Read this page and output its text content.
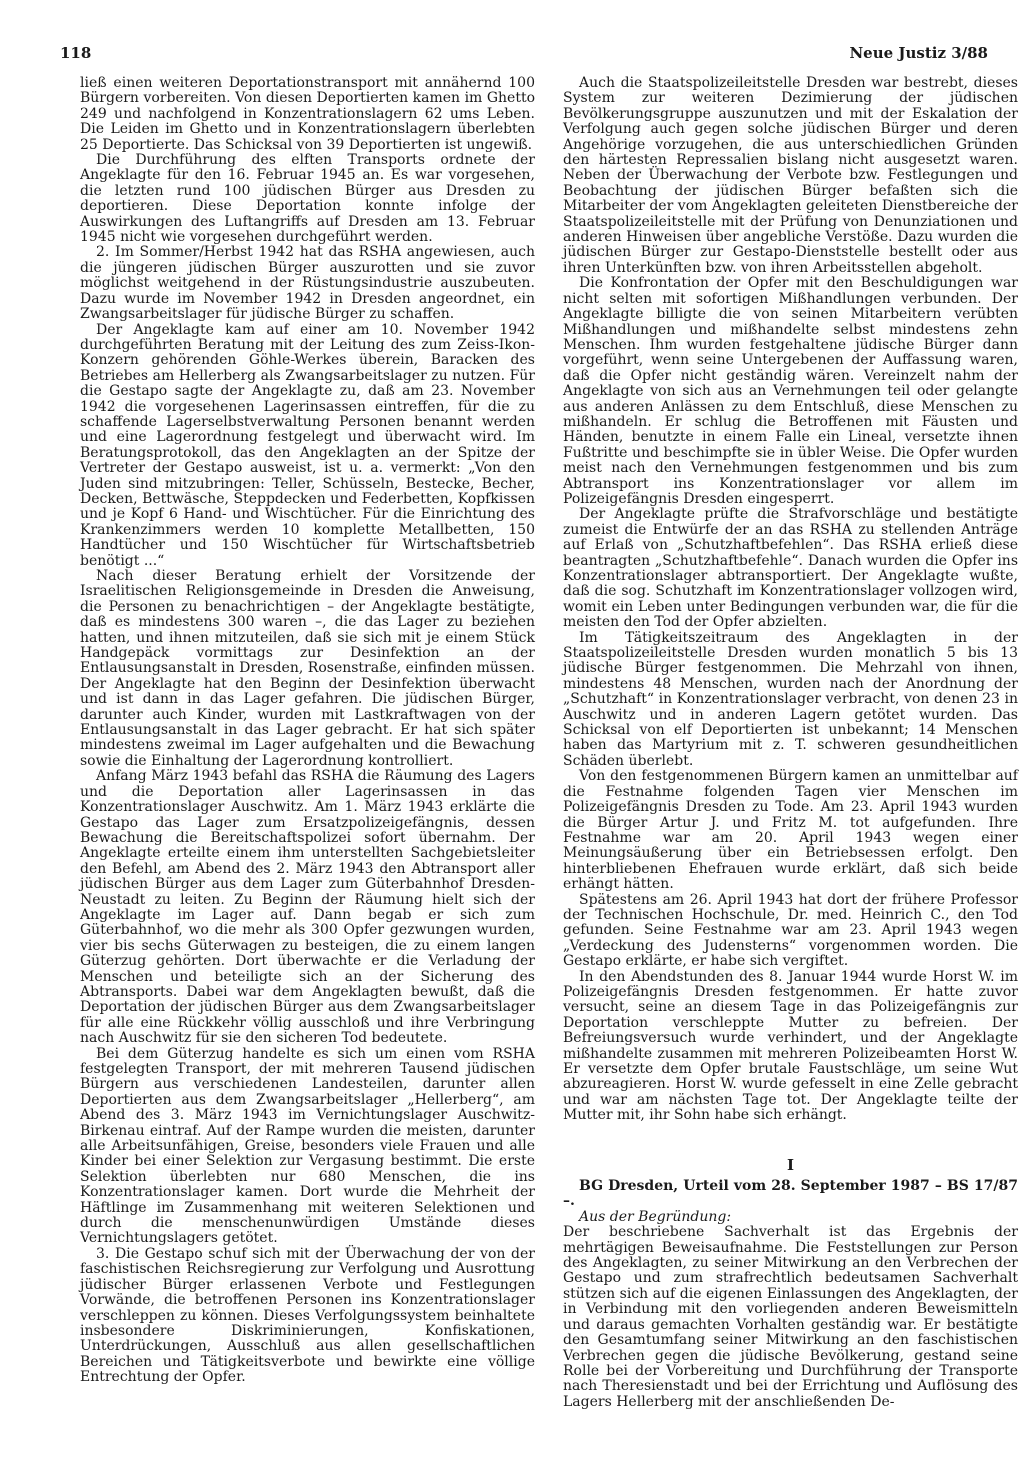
118	Neue Justiz 3/88

ließ einen weiteren Deportationstransport mit annähernd 100 Bürgern vorbereiten. Von diesen Deportierten kamen im Ghetto 249 und nachfolgend in Konzentrationslagern 62 ums Leben. Die Leiden im Ghetto und in Konzentrationslagern überlebten 25 Deportierte. Das Schicksal von 39 Deportierten ist ungewiß.

Die Durchführung des elften Transports ordnete der Angeklagte für den 16. Februar 1945 an. Es war vorgesehen, die letzten rund 100 jüdischen Bürger aus Dresden zu deportieren. Diese Deportation konnte infolge der Auswirkungen des Luftangriffs auf Dresden am 13. Februar 1945 nicht wie vorgesehen durchgeführt werden.

2. Im Sommer/Herbst 1942 hat das RSHA angewiesen, auch die jüngeren jüdischen Bürger auszurotten und sie zuvor möglichst weitgehend in der Rüstungsindustrie auszubeuten. Dazu wurde im November 1942 in Dresden angeordnet, ein Zwangsarbeitslager für jüdische Bürger zu schaffen.

Der Angeklagte kam auf einer am 10. November 1942 durchgeführten Beratung mit der Leitung des zum Zeiss-Ikon-Konzern gehörenden Göhle-Werkes überein, Baracken des Betriebes am Hellerberg als Zwangsarbeitslager zu nutzen. Für die Gestapo sagte der Angeklagte zu, daß am 23. November 1942 die vorgesehenen Lagerinsassen eintreffen, für die zu schaffende Lagerselbstverwaltung Personen benannt werden und eine Lagerordnung festgelegt und überwacht wird. Im Beratungsprotokoll, das den Angeklagten an der Spitze der Vertreter der Gestapo ausweist, ist u. a. vermerkt: „Von den Juden sind mitzubringen: Teller, Schüsseln, Bestecke, Becher, Decken, Bettwäsche, Steppdecken und Federbetten, Kopfkissen und je Kopf 6 Hand- und Wischtücher. Für die Einrichtung des Krankenzimmers werden 10 komplette Metallbetten, 150 Handtücher und 150 Wischtücher für Wirtschaftsbetrieb benötigt ...“

Nach dieser Beratung erhielt der Vorsitzende der Israelitischen Religionsgemeinde in Dresden die Anweisung, die Personen zu benachrichtigen – der Angeklagte bestätigte, daß es mindestens 300 waren –, die das Lager zu beziehen hatten, und ihnen mitzuteilen, daß sie sich mit je einem Stück Handgepäck vormittags zur Desinfektion an der Entlausungsanstalt in Dresden, Rosenstraße, einfinden müssen. Der Angeklagte hat den Beginn der Desinfektion überwacht und ist dann in das Lager gefahren. Die jüdischen Bürger, darunter auch Kinder, wurden mit Lastkraftwagen von der Entlausungsanstalt in das Lager gebracht. Er hat sich später mindestens zweimal im Lager aufgehalten und die Bewachung sowie die Einhaltung der Lagerordnung kontrolliert.

Anfang März 1943 befahl das RSHA die Räumung des Lagers und die Deportation aller Lagerinsassen in das Konzentrationslager Auschwitz. Am 1. März 1943 erklärte die Gestapo das Lager zum Ersatzpolizeigefängnis, dessen Bewachung die Bereitschaftspolizei sofort übernahm. Der Angeklagte erteilte einem ihm unterstellten Sachgebietsleiter den Befehl, am Abend des 2. März 1943 den Abtransport aller jüdischen Bürger aus dem Lager zum Güterbahnhof Dresden-Neustadt zu leiten. Zu Beginn der Räumung hielt sich der Angeklagte im Lager auf. Dann begab er sich zum Güterbahnhof, wo die mehr als 300 Opfer gezwungen wurden, vier bis sechs Güterwagen zu besteigen, die zu einem langen Güterzug gehörten. Dort überwachte er die Verladung der Menschen und beteiligte sich an der Sicherung des Abtransports. Dabei war dem Angeklagten bewußt, daß die Deportation der jüdischen Bürger aus dem Zwangsarbeitslager für alle eine Rückkehr völlig ausschloß und ihre Verbringung nach Auschwitz für sie den sicheren Tod bedeutete.

Bei dem Güterzug handelte es sich um einen vom RSHA festgelegten Transport, der mit mehreren Tausend jüdischen Bürgern aus verschiedenen Landesteilen, darunter allen Deportierten aus dem Zwangsarbeitslager „Hellerberg“, am Abend des 3. März 1943 im Vernichtungslager Auschwitz-Birkenau eintraf. Auf der Rampe wurden die meisten, darunter alle Arbeitsunfähigen, Greise, besonders viele Frauen und alle Kinder bei einer Selektion zur Vergasung bestimmt. Die erste Selektion überlebten nur 680 Menschen, die ins Konzentrationslager kamen. Dort wurde die Mehrheit der Häftlinge im Zusammenhang mit weiteren Selektionen und durch die menschenunwürdigen Umstände dieses Vernichtungslagers getötet.

3. Die Gestapo schuf sich mit der Überwachung der von der faschistischen Reichsregierung zur Verfolgung und Ausrottung jüdischer Bürger erlassenen Verbote und Festlegungen Vorwände, die betroffenen Personen ins Konzentrationslager verschleppen zu können. Dieses Verfolgungssystem beinhaltete insbesondere Diskriminierungen, Konfiskationen, Unterdrückungen, Ausschluß aus allen gesellschaftlichen Bereichen und Tätigkeitsverbote und bewirkte eine völlige Entrechtung der Opfer.

Auch die Staatspolizeileitstelle Dresden war bestrebt, dieses System zur weiteren Dezimierung der jüdischen Bevölkerungsgruppe auszunutzen und mit der Eskalation der Verfolgung auch gegen solche jüdischen Bürger und deren Angehörige vorzugehen, die aus unterschiedlichen Gründen den härtesten Repressalien bislang nicht ausgesetzt waren. Neben der Überwachung der Verbote bzw. Festlegungen und Beobachtung der jüdischen Bürger befaßten sich die Mitarbeiter der vom Angeklagten geleiteten Dienstbereiche der Staatspolizeileitstelle mit der Prüfung von Denunziationen und anderen Hinweisen über angebliche Verstöße. Dazu wurden die jüdischen Bürger zur Gestapo-Dienststelle bestellt oder aus ihren Unterkünften bzw. von ihren Arbeitsstellen abgeholt.

Die Konfrontation der Opfer mit den Beschuldigungen war nicht selten mit sofortigen Mißhandlungen verbunden. Der Angeklagte billigte die von seinen Mitarbeitern verübten Mißhandlungen und mißhandelte selbst mindestens zehn Menschen. Ihm wurden festgehaltene jüdische Bürger dann vorgeführt, wenn seine Untergebenen der Auffassung waren, daß die Opfer nicht geständig wären. Vereinzelt nahm der Angeklagte von sich aus an Vernehmungen teil oder gelangte aus anderen Anlässen zu dem Entschluß, diese Menschen zu mißhandeln. Er schlug die Betroffenen mit Fäusten und Händen, benutzte in einem Falle ein Lineal, versetzte ihnen Fußtritte und beschimpfte sie in übler Weise. Die Opfer wurden meist nach den Vernehmungen festgenommen und bis zum Abtransport ins Konzentrationslager vor allem im Polizeigefängnis Dresden eingesperrt.

Der Angeklagte prüfte die Strafvorschläge und bestätigte zumeist die Entwürfe der an das RSHA zu stellenden Anträge auf Erlaß von „Schutzhaftbefehlen“. Das RSHA erließ diese beantragten „Schutzhaftbefehle“. Danach wurden die Opfer ins Konzentrationslager abtransportiert. Der Angeklagte wußte, daß die sog. Schutzhaft im Konzentrationslager vollzogen wird, womit ein Leben unter Bedingungen verbunden war, die für die meisten den Tod der Opfer abzielten.

Im Tätigkeitszeitraum des Angeklagten in der Staatspolizeileitstelle Dresden wurden monatlich 5 bis 13 jüdische Bürger festgenommen. Die Mehrzahl von ihnen, mindestens 48 Menschen, wurden nach der Anordnung der „Schutzhaft“ in Konzentrationslager verbracht, von denen 23 in Auschwitz und in anderen Lagern getötet wurden. Das Schicksal von elf Deportierten ist unbekannt; 14 Menschen haben das Martyrium mit z. T. schweren gesundheitlichen Schäden überlebt.

Von den festgenommenen Bürgern kamen an unmittelbar auf die Festnahme folgenden Tagen vier Menschen im Polizeigefängnis Dresden zu Tode. Am 23. April 1943 wurden die Bürger Artur J. und Fritz M. tot aufgefunden. Ihre Festnahme war am 20. April 1943 wegen einer Meinungsäußerung über ein Betriebsessen erfolgt. Den hinterbliebenen Ehefrauen wurde erklärt, daß sich beide erhängt hätten.

Spätestens am 26. April 1943 hat dort der frühere Professor der Technischen Hochschule, Dr. med. Heinrich C., den Tod gefunden. Seine Festnahme war am 23. April 1943 wegen „Verdeckung des Judensterns“ vorgenommen worden. Die Gestapo erklärte, er habe sich vergiftet.

In den Abendstunden des 8. Januar 1944 wurde Horst W. im Polizeigefängnis Dresden festgenommen. Er hatte zuvor versucht, seine an diesem Tage in das Polizeigefängnis zur Deportation verschleppte Mutter zu befreien. Der Befreiungsversuch wurde verhindert, und der Angeklagte mißhandelte zusammen mit mehreren Polizeibeamten Horst W. Er versetzte dem Opfer brutale Faustschläge, um seine Wut abzureagieren. Horst W. wurde gefesselt in eine Zelle gebracht und war am nächsten Tage tot. Der Angeklagte teilte der Mutter mit, ihr Sohn habe sich erhängt.

I

BG Dresden, Urteil vom 28. September 1987 – BS 17/87 –.

Aus der Begründung:

Der beschriebene Sachverhalt ist das Ergebnis der mehrtägigen Beweisaufnahme. Die Feststellungen zur Person des Angeklagten, zu seiner Mitwirkung an den Verbrechen der Gestapo und zum strafrechtlich bedeutsamen Sachverhalt stützen sich auf die eigenen Einlassungen des Angeklagten, der in Verbindung mit den vorliegenden anderen Beweismitteln und daraus gemachten Vorhalten geständig war. Er bestätigte den Gesamtumfang seiner Mitwirkung an den faschistischen Verbrechen gegen die jüdische Bevölkerung, gestand seine Rolle bei der Vorbereitung und Durchführung der Transporte nach Theresienstadt und bei der Errichtung und Auflösung des Lagers Hellerberg mit der anschließenden De-
